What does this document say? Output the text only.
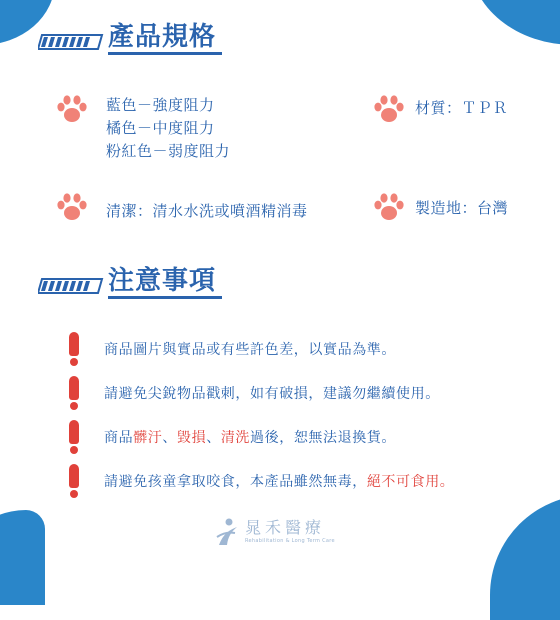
產品規格
藍色－強度阻力
橘色－中度阻力
粉紅色－弱度阻力
材質：ＴＰＲ
清潔：清水水洗或噴酒精消毒	製造地：台灣
注意事項
商品圖片與實品或有些許色差，以實品為準。
請避免尖銳物品戳刺，如有破損，建議勿繼續使用。
商品髒汙、毀損、清洗過後，恕無法退換貨。
請避免孩童拿取咬食，本產品雖然無毒，絕不可食用。
晁禾醫療
Rehabilitation & Long Term Care
